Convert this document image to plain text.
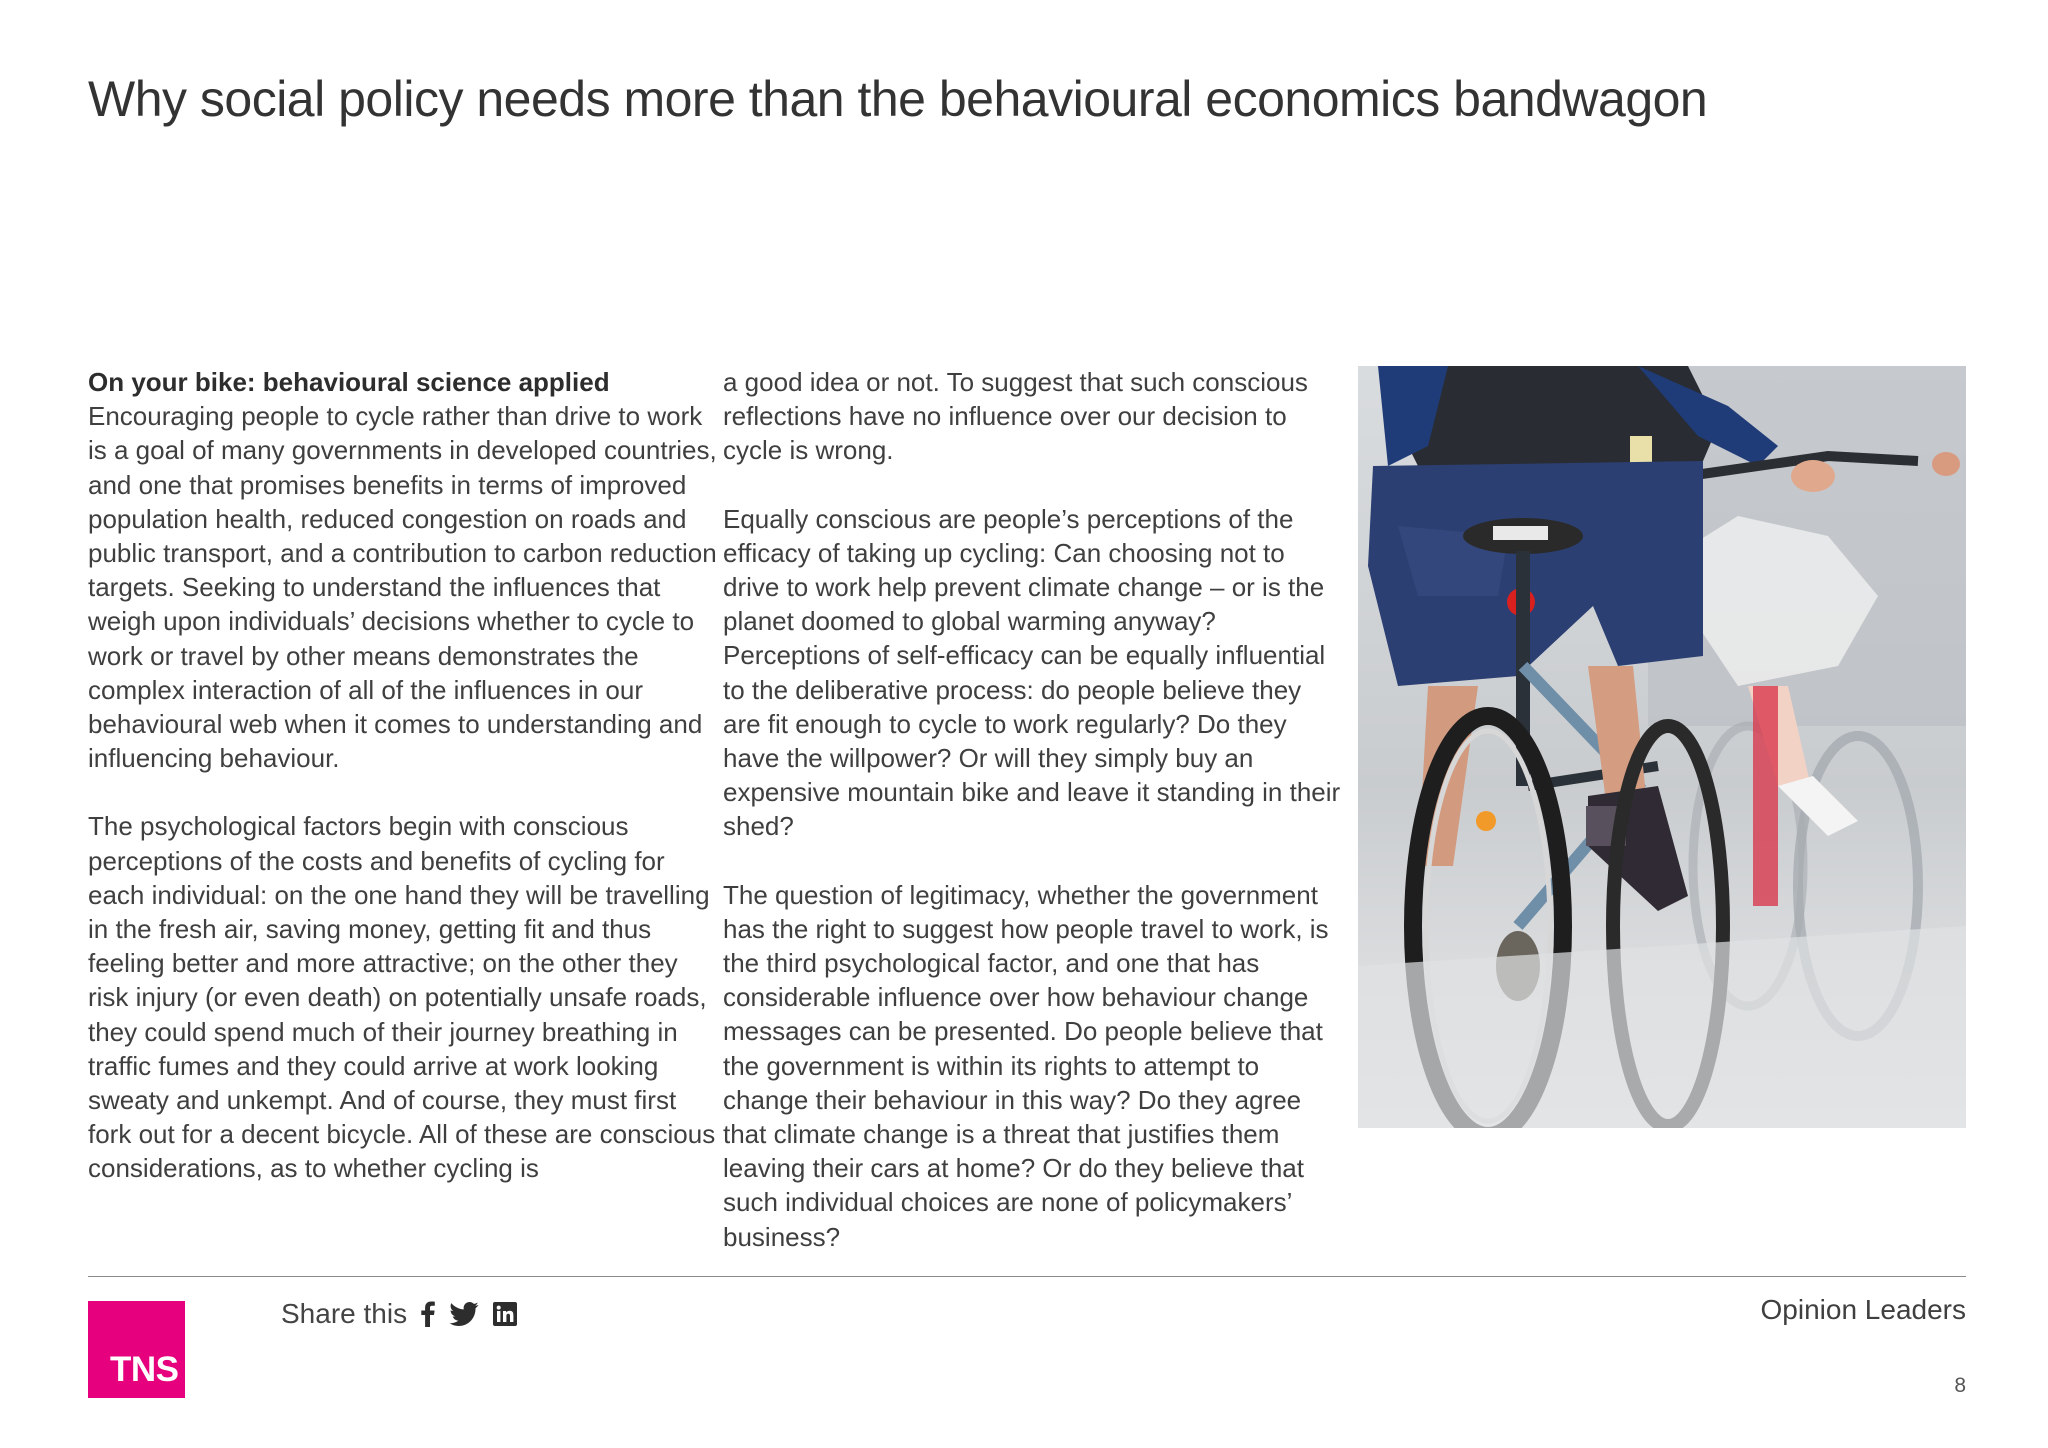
Why social policy needs more than the behavioural economics bandwagon
On your bike: behavioural science applied

Encouraging people to cycle rather than drive to work is a goal of many governments in developed countries, and one that promises benefits in terms of improved population health, reduced congestion on roads and public transport, and a contribution to carbon reduction targets. Seeking to understand the influences that weigh upon individuals’ decisions whether to cycle to work or travel by other means demonstrates the complex interaction of all of the influences in our behavioural web when it comes to understanding and influencing behaviour.

The psychological factors begin with conscious perceptions of the costs and benefits of cycling for each individual: on the one hand they will be travelling in the fresh air, saving money, getting fit and thus feeling better and more attractive; on the other they risk injury (or even death) on potentially unsafe roads, they could spend much of their journey breathing in traffic fumes and they could arrive at work looking sweaty and unkempt. And of course, they must first fork out for a decent bicycle. All of these are conscious considerations, as to whether cycling is

a good idea or not. To suggest that such conscious reflections have no influence over our decision to cycle is wrong.

Equally conscious are people’s perceptions of the efficacy of taking up cycling: Can choosing not to drive to work help prevent climate change – or is the planet doomed to global warming anyway? Perceptions of self-efficacy can be equally influential to the deliberative process: do people believe they are fit enough to cycle to work regularly? Do they have the willpower? Or will they simply buy an expensive mountain bike and leave it standing in their shed?

The question of legitimacy, whether the government has the right to suggest how people travel to work, is the third psychological factor, and one that has considerable influence over how behaviour change messages can be presented. Do people believe that the government is within its rights to attempt to change their behaviour in this way? Do they agree that climate change is a threat that justifies them leaving their cars at home? Or do they believe that such individual choices are none of policymakers’ business?

TNS
Share this	Opinion Leaders
8
